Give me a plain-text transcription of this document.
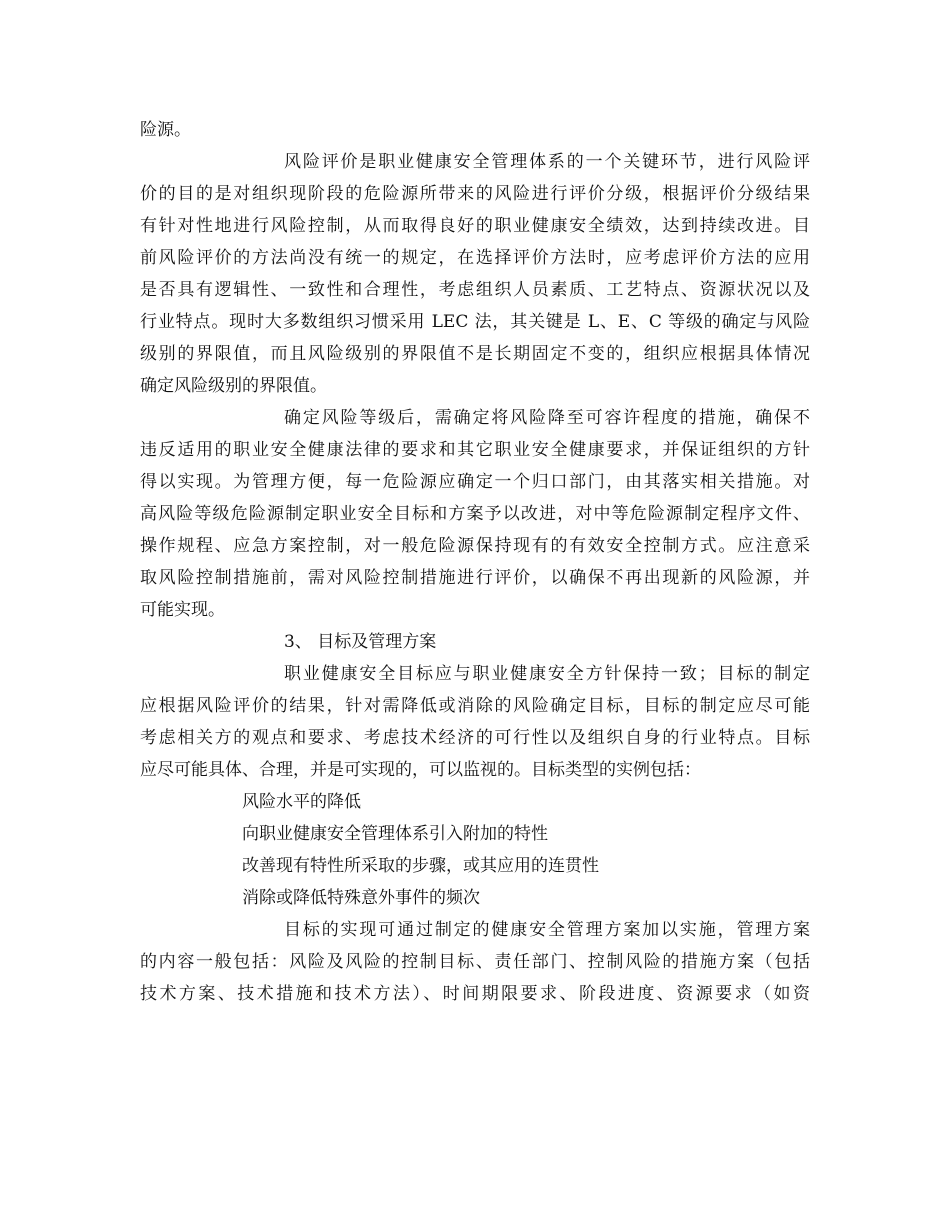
险源。
风险评价是职业健康安全管理体系的一个关键环节，进行风险评
价的目的是对组织现阶段的危险源所带来的风险进行评价分级，根据评价分级结果
有针对性地进行风险控制，从而取得良好的职业健康安全绩效，达到持续改进。目
前风险评价的方法尚没有统一的规定，在选择评价方法时，应考虑评价方法的应用
是否具有逻辑性、一致性和合理性，考虑组织人员素质、工艺特点、资源状况以及
行业特点。现时大多数组织习惯采用 LEC 法，其关键是 L、E、C 等级的确定与风险
级别的界限值，而且风险级别的界限值不是长期固定不变的，组织应根据具体情况
确定风险级别的界限值。
确定风险等级后，需确定将风险降至可容许程度的措施，确保不
违反适用的职业安全健康法律的要求和其它职业安全健康要求，并保证组织的方针
得以实现。为管理方便，每一危险源应确定一个归口部门，由其落实相关措施。对
高风险等级危险源制定职业安全目标和方案予以改进，对中等危险源制定程序文件、
操作规程、应急方案控制，对一般危险源保持现有的有效安全控制方式。应注意采
取风险控制措施前，需对风险控制措施进行评价，以确保不再出现新的风险源，并
可能实现。
3、 目标及管理方案
职业健康安全目标应与职业健康安全方针保持一致；目标的制定
应根据风险评价的结果，针对需降低或消除的风险确定目标，目标的制定应尽可能
考虑相关方的观点和要求、考虑技术经济的可行性以及组织自身的行业特点。目标
应尽可能具体、合理，并是可实现的，可以监视的。目标类型的实例包括：
风险水平的降低
向职业健康安全管理体系引入附加的特性
改善现有特性所采取的步骤，或其应用的连贯性
消除或降低特殊意外事件的频次
目标的实现可通过制定的健康安全管理方案加以实施，管理方案
的内容一般包括：风险及风险的控制目标、责任部门、控制风险的措施方案（包括
技术方案、技术措施和技术方法）、时间期限要求、阶段进度、资源要求（如资
